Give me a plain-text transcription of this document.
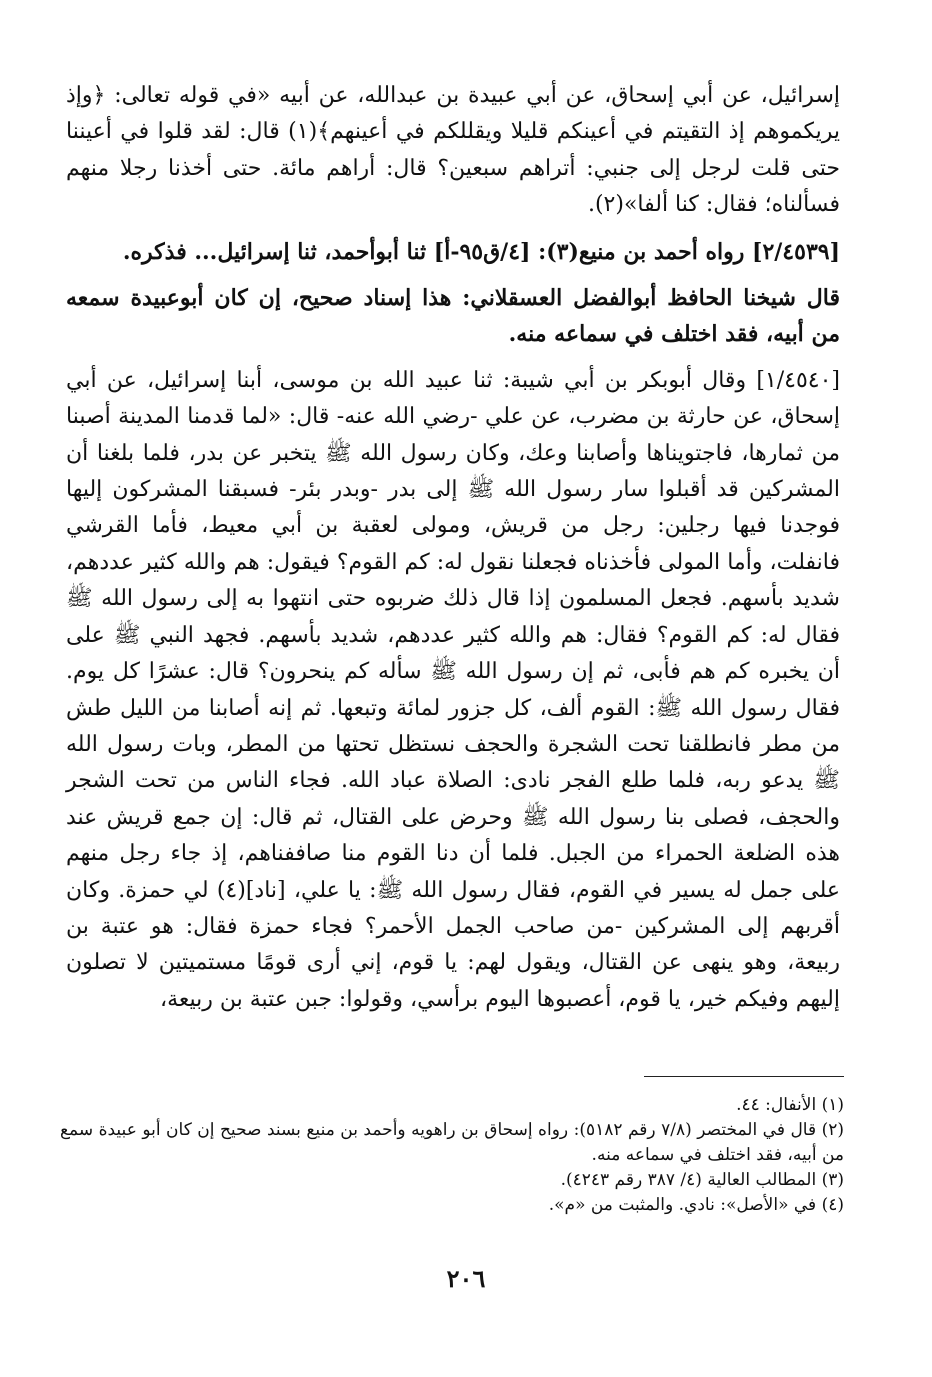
إسرائيل، عن أبي إسحاق، عن أبي عبيدة بن عبدالله، عن أبيه «في قوله تعالى: ﴿وإذ يريكموهم إذ التقيتم في أعينكم قليلا ويقللكم في أعينهم﴾(١) قال: لقد قلوا في أعيننا حتى قلت لرجل إلى جنبي: أتراهم سبعين؟ قال: أراهم مائة. حتى أخذنا رجلا منهم فسألناه؛ فقال: كنا ألفا»(٢).

[٢/٤٥٣٩] رواه أحمد بن منيع(٣): [٤/ق٩٥-أ] ثنا أبوأحمد، ثنا إسرائيل... فذكره.

قال شيخنا الحافظ أبوالفضل العسقلاني: هذا إسناد صحيح، إن كان أبوعبيدة سمعه من أبيه، فقد اختلف في سماعه منه.

[١/٤٥٤٠] وقال أبوبكر بن أبي شيبة: ثنا عبيد الله بن موسى، أبنا إسرائيل، عن أبي إسحاق، عن حارثة بن مضرب، عن علي -رضي الله عنه- قال: «لما قدمنا المدينة أصبنا من ثمارها، فاجتويناها وأصابنا وعك، وكان رسول الله ﷺ يتخبر عن بدر، فلما بلغنا أن المشركين قد أقبلوا سار رسول الله ﷺ إلى بدر -وبدر بئر- فسبقنا المشركون إليها فوجدنا فيها رجلين: رجل من قريش، ومولى لعقبة بن أبي معيط، فأما القرشي فانفلت، وأما المولى فأخذناه فجعلنا نقول له: كم القوم؟ فيقول: هم والله كثير عددهم، شديد بأسهم. فجعل المسلمون إذا قال ذلك ضربوه حتى انتهوا به إلى رسول الله ﷺ فقال له: كم القوم؟ فقال: هم والله كثير عددهم، شديد بأسهم. فجهد النبي ﷺ على أن يخبره كم هم فأبى، ثم إن رسول الله ﷺ سأله كم ينحرون؟ قال: عشرًا كل يوم. فقال رسول الله ﷺ: القوم ألف، كل جزور لمائة وتبعها. ثم إنه أصابنا من الليل طش من مطر فانطلقنا تحت الشجرة والحجف نستظل تحتها من المطر، وبات رسول الله ﷺ يدعو ربه، فلما طلع الفجر نادى: الصلاة عباد الله. فجاء الناس من تحت الشجر والحجف، فصلى بنا رسول الله ﷺ وحرض على القتال، ثم قال: إن جمع قريش عند هذه الضلعة الحمراء من الجبل. فلما أن دنا القوم منا صاففناهم، إذ جاء رجل منهم على جمل له يسير في القوم، فقال رسول الله ﷺ: يا علي، [ناد](٤) لي حمزة. وكان أقربهم إلى المشركين -من صاحب الجمل الأحمر؟ فجاء حمزة فقال: هو عتبة بن ربيعة، وهو ينهى عن القتال، ويقول لهم: يا قوم، إني أرى قومًا مستميتين لا تصلون إليهم وفيكم خير، يا قوم، أعصبوها اليوم برأسي، وقولوا: جبن عتبة بن ربيعة،

(١) الأنفال: ٤٤.

(٢) قال في المختصر (٧/٨ رقم ٥١٨٢): رواه إسحاق بن راهويه وأحمد بن منيع بسند صحيح إن كان أبو عبيدة سمع من أبيه، فقد اختلف في سماعه منه.

(٣) المطالب العالية (٤/ ٣٨٧ رقم ٤٢٤٣).

(٤) في «الأصل»: نادي. والمثبت من «م».

٢٠٦
